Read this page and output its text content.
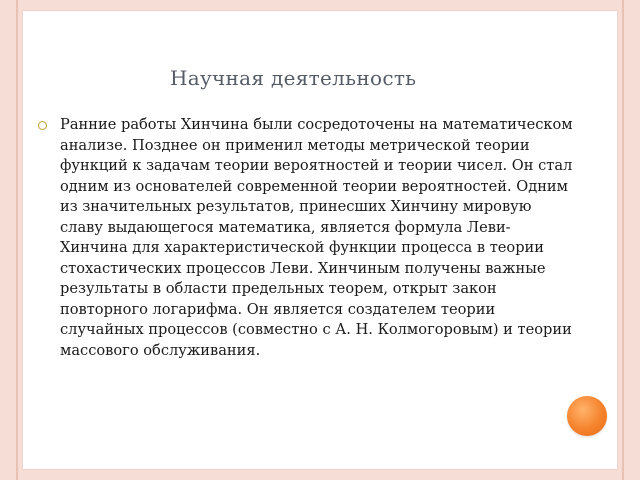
Научная деятельность
Ранние работы Хинчина были сосредоточены на математическом анализе. Позднее он применил методы метрической теории функций к задачам теории вероятностей и теории чисел. Он стал одним из основателей современной теории вероятностей. Одним из значительных результатов, принесших Хинчину мировую славу выдающегося математика, является формула Леви-Хинчина для характеристической функции процесса в теории стохастических процессов Леви. Хинчиным получены важные результаты в области предельных теорем, открыт закон повторного логарифма. Он является создателем теории случайных процессов (совместно с А. Н. Колмогоровым) и теории массового обслуживания.
